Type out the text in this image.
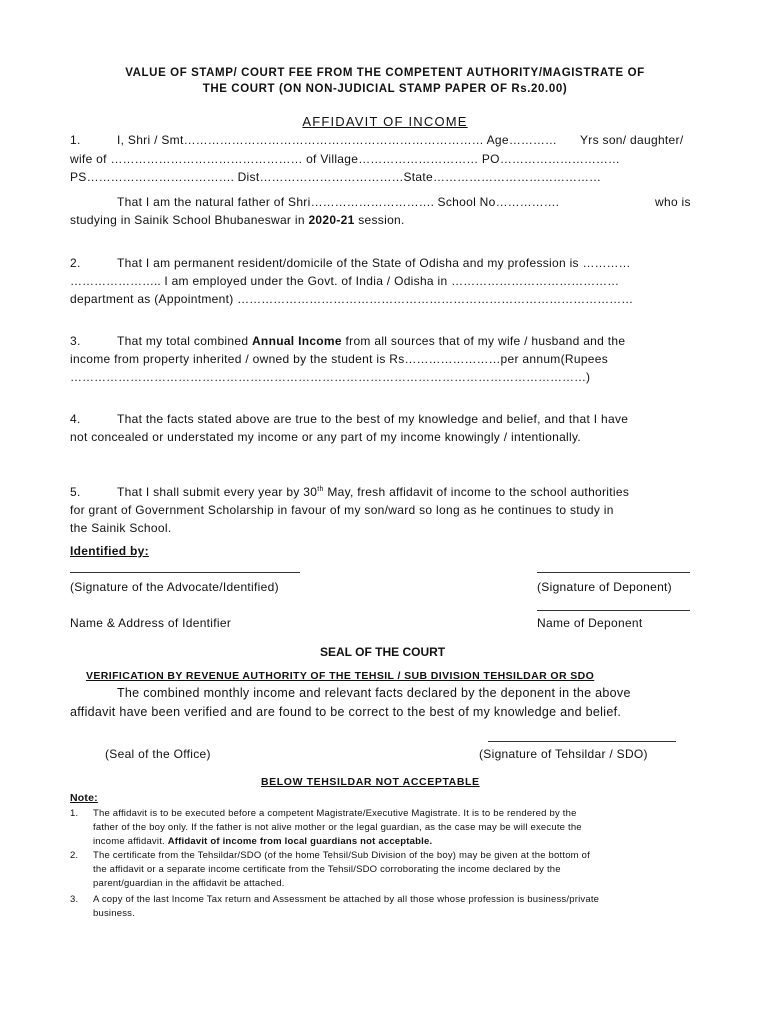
VALUE OF STAMP/ COURT FEE FROM THE COMPETENT AUTHORITY/MAGISTRATE OF
THE COURT (ON NON-JUDICIAL STAMP PAPER OF Rs.20.00)
AFFIDAVIT OF INCOME
1.	I, Shri / Smt………………………………………………………………… Age………… Yrs son/ daughter/
wife of ………………………………………… of Village………………………… PO…………………………
PS………………………………. Dist………………………………State……………………………………
That I am the natural father of Shri…………………………. School No…………….	who is
studying in Sainik School Bhubaneswar in 2020-21 session.
2.	That I am permanent resident/domicile of the State of Odisha and my profession is …………
………………….. I am employed under the Govt. of India / Odisha in ……………………………………
department as (Appointment) ………………………………………………………………………………………
3.	That my total combined Annual Income from all sources that of my wife / husband and the
income from property inherited / owned by the student is Rs……………………per annum(Rupees
…………………………………………………………………………………………………………………)
4.	That the facts stated above are true to the best of my knowledge and belief, and that I have
not concealed or understated my income or any part of my income knowingly / intentionally.
5.	That I shall submit every year by 30th May, fresh affidavit of income to the school authorities
for grant of Government Scholarship in favour of my son/ward so long as he continues to study in
the Sainik School.
Identified by:
(Signature of the Advocate/Identified)	(Signature of Deponent)
Name & Address of Identifier	Name of Deponent
SEAL OF THE COURT
VERIFICATION BY REVENUE AUTHORITY OF THE TEHSIL / SUB DIVISION TEHSILDAR OR SDO
The combined monthly income and relevant facts declared by the deponent in the above
affidavit have been verified and are found to be correct to the best of my knowledge and belief.
(Seal of the Office)	(Signature of Tehsildar / SDO)
BELOW TEHSILDAR NOT ACCEPTABLE
Note:
1. The affidavit is to be executed before a competent Magistrate/Executive Magistrate. It is to be rendered by the
father of the boy only. If the father is not alive mother or the legal guardian, as the case may be will execute the
income affidavit. Affidavit of income from local guardians not acceptable.
2. The certificate from the Tehsildar/SDO (of the home Tehsil/Sub Division of the boy) may be given at the bottom of
the affidavit or a separate income certificate from the Tehsil/SDO corroborating the income declared by the
parent/guardian in the affidavit be attached.
3. A copy of the last Income Tax return and Assessment be attached by all those whose profession is business/private
business.
